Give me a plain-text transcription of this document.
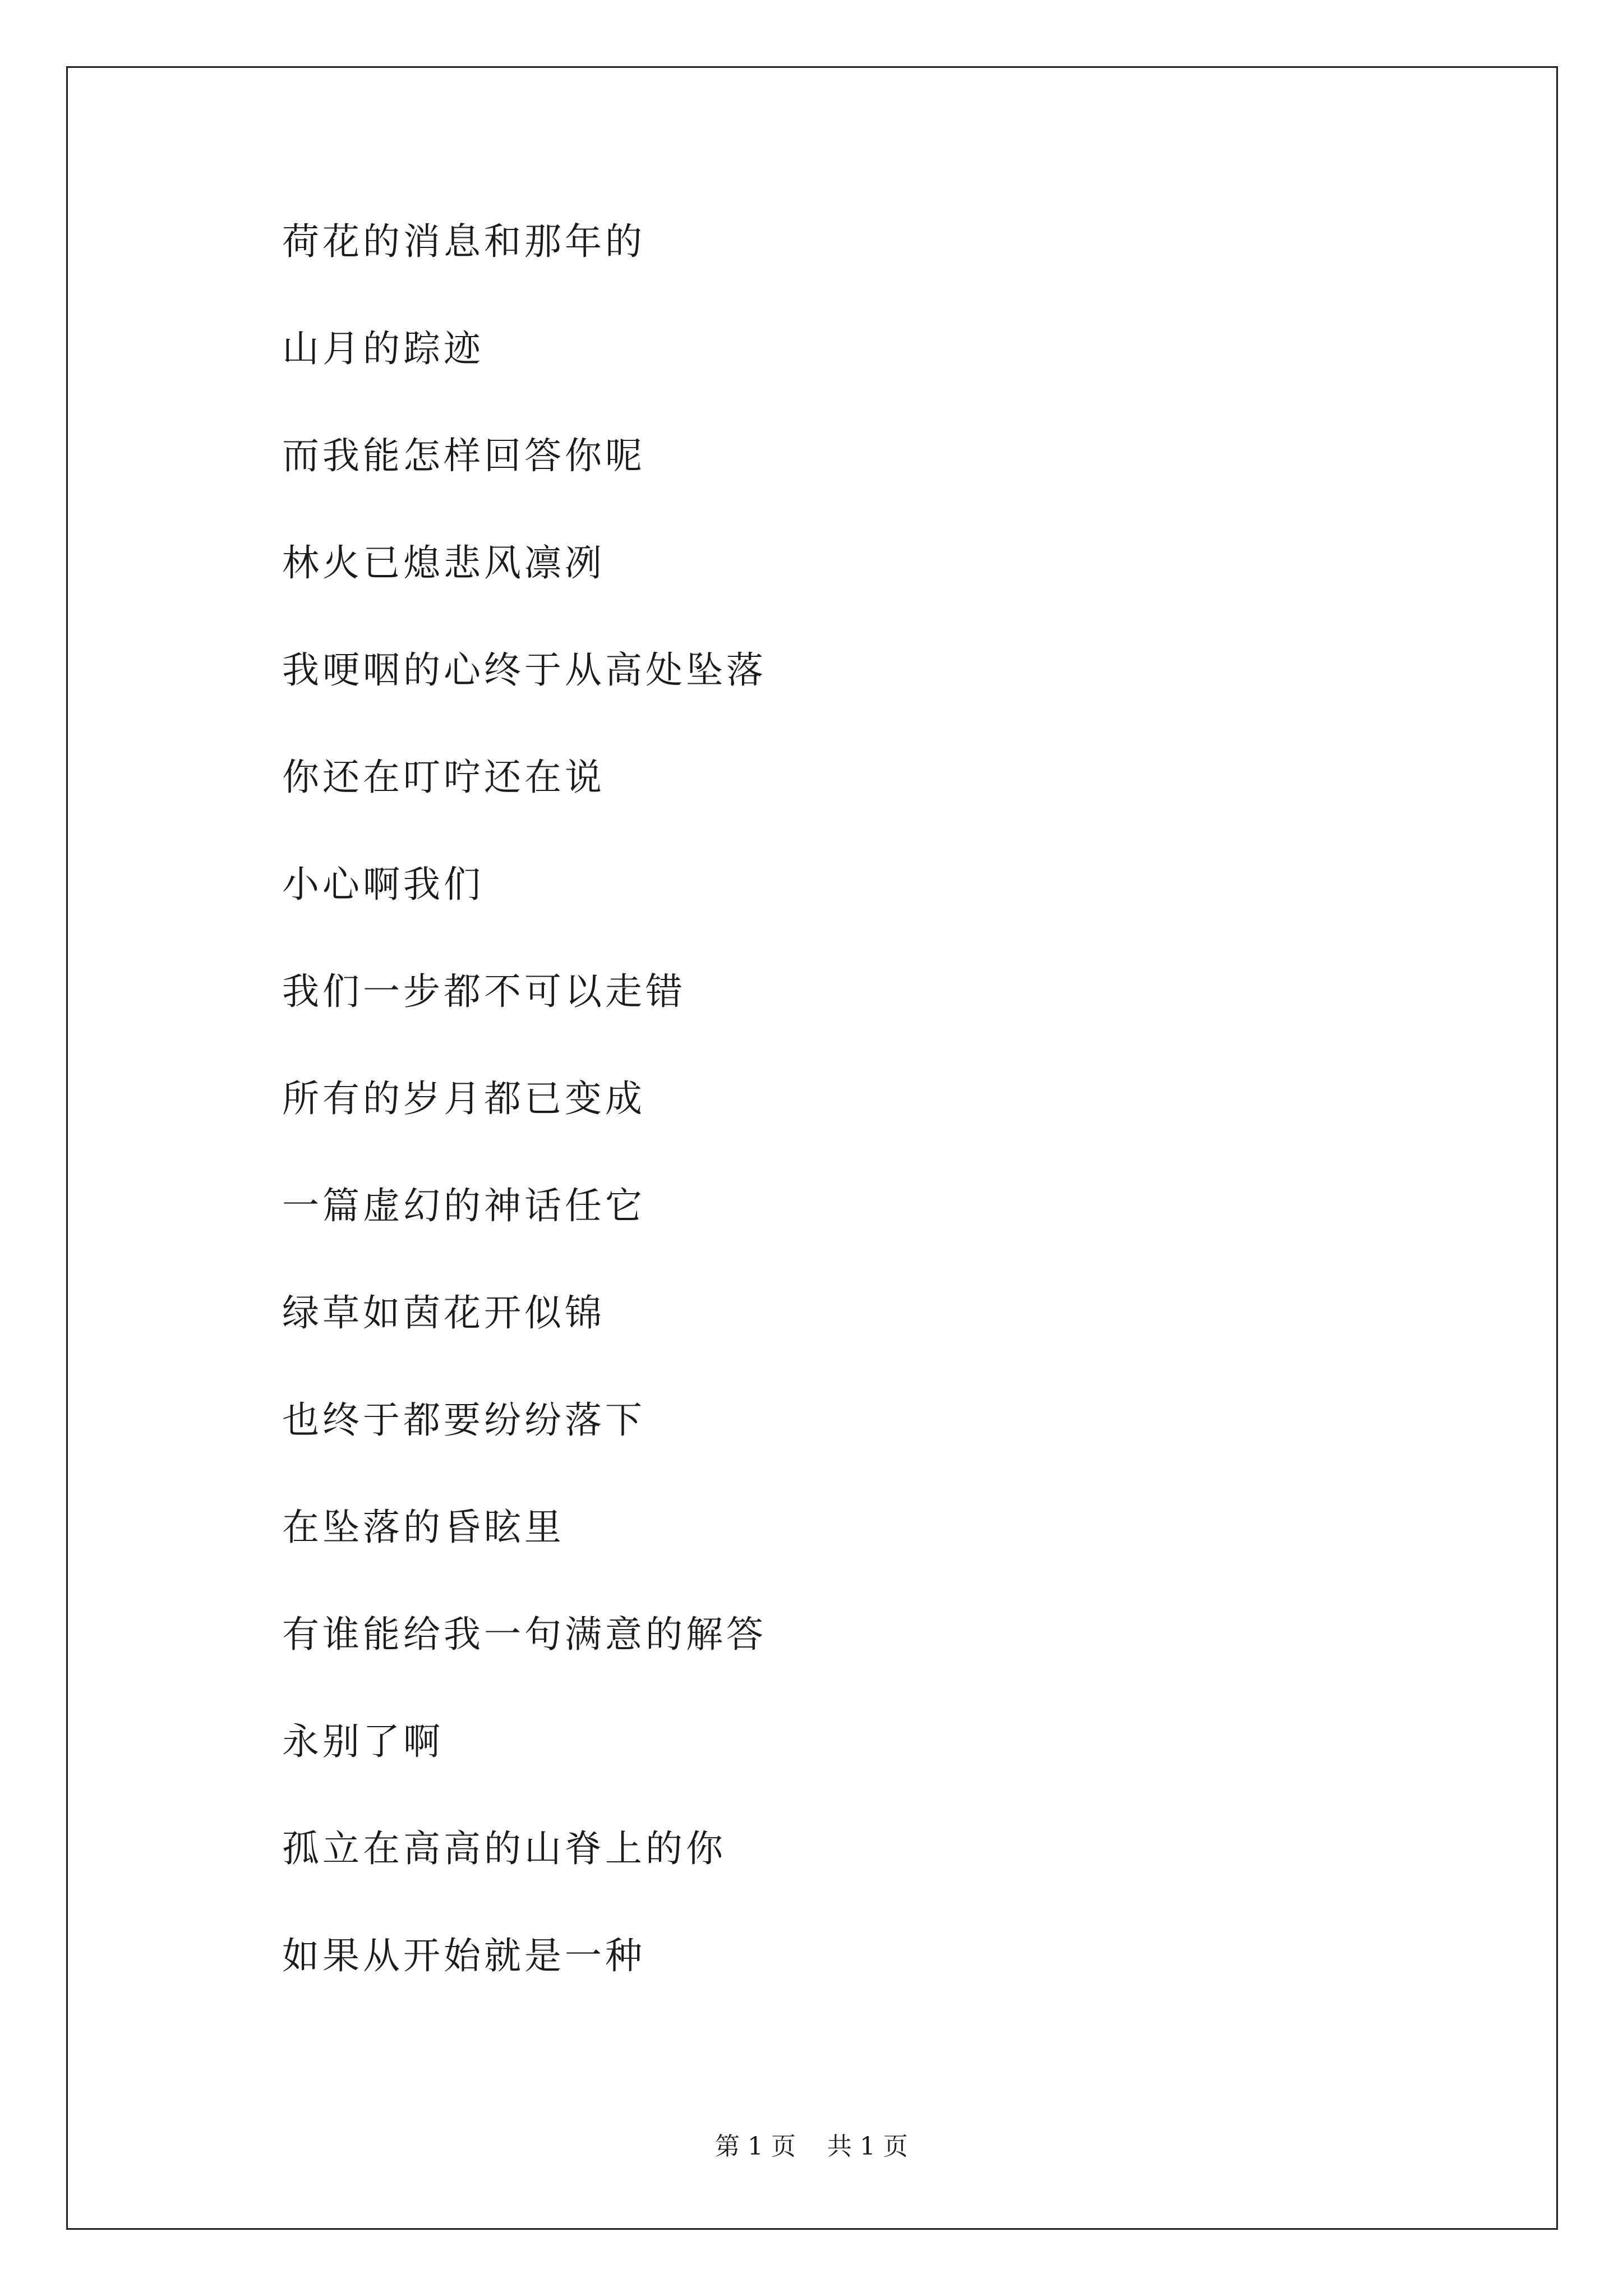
荷花的消息和那年的
山月的踪迹
而我能怎样回答你呢
林火已熄悲风凛冽
我哽咽的心终于从高处坠落
你还在叮咛还在说
小心啊我们
我们一步都不可以走错
所有的岁月都已变成
一篇虚幻的神话任它
绿草如茵花开似锦
也终于都要纷纷落下
在坠落的昏眩里
有谁能给我一句满意的解答
永别了啊
孤立在高高的山脊上的你
如果从开始就是一种
第 1 页    共 1 页
